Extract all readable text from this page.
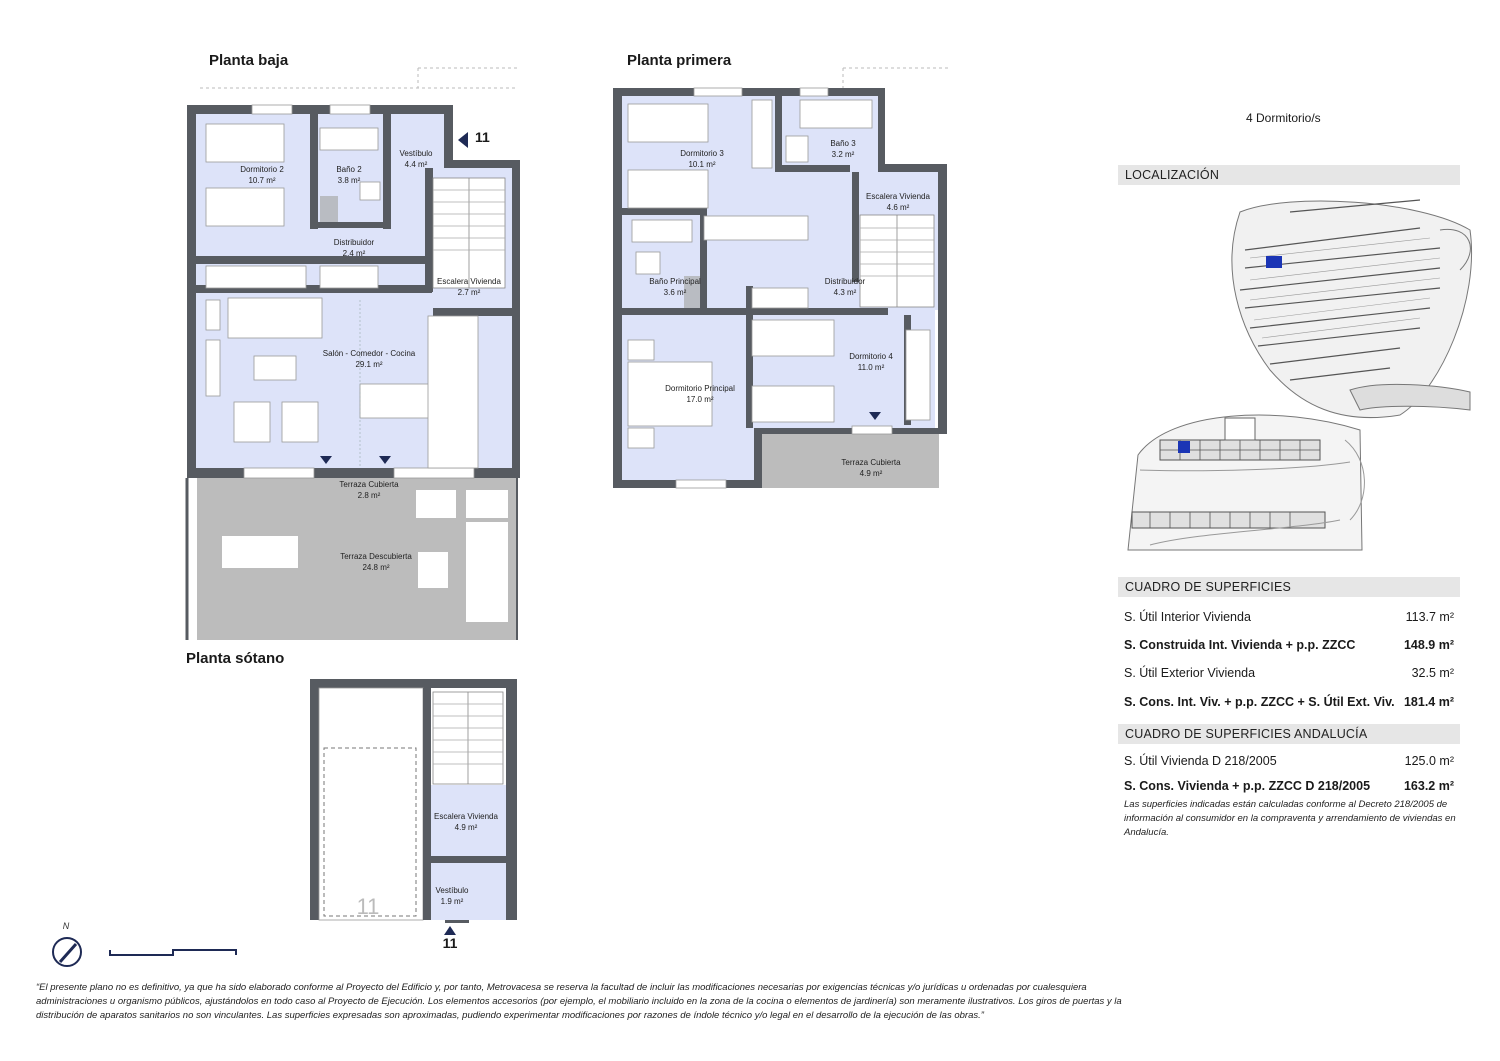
Planta baja	Planta primera
Planta sótano
11
Dormitorio 2
10.7 m²
Baño 2
3.8 m²
Vestíbulo
4.4 m²
Distribuidor
2.4 m²
Escalera Vivienda
2.7 m²
Salón - Comedor - Cocina
29.1 m²
Terraza Cubierta
2.8 m²
Terraza Descubierta
24.8 m²
Dormitorio 3
10.1 m²
Baño 3
3.2 m²
Escalera Vivienda
4.6 m²
Baño Principal
3.6 m²
Distribuidor
4.3 m²
Dormitorio 4
11.0 m²
Dormitorio Principal
17.0 m²
Terraza Cubierta
4.9 m²
11
11
Escalera Vivienda
4.9 m²
Vestíbulo
1.9 m²
N
4 Dormitorio/s
LOCALIZACIÓN
CUADRO DE SUPERFICIES
S. Útil Interior Vivienda	113.7 m²
S. Construida Int. Vivienda + p.p. ZZCC	148.9 m²
S. Útil Exterior Vivienda	32.5 m²
S. Cons. Int. Viv. + p.p. ZZCC + S. Útil Ext. Viv. 181.4 m²
CUADRO DE SUPERFICIES ANDALUCÍA
S. Útil Vivienda D 218/2005	125.0 m²
S. Cons. Vivienda + p.p. ZZCC D 218/2005	163.2 m²
Las superficies indicadas están calculadas conforme al Decreto 218/2005 de información al consumidor en la compraventa y arrendamiento de viviendas en Andalucía.
“El presente plano no es definitivo, ya que ha sido elaborado conforme al Proyecto del Edificio y, por tanto, Metrovacesa se reserva la facultad de incluir las modificaciones necesarias por exigencias técnicas y/o jurídicas u ordenadas por cualesquiera administraciones u organismo públicos, ajustándolos en todo caso al Proyecto de Ejecución. Los elementos accesorios (por ejemplo, el mobiliario incluido en la zona de la cocina o elementos de jardinería) son meramente ilustrativos. Los giros de puertas y la distribución de aparatos sanitarios no son vinculantes. Las superficies expresadas son aproximadas, pudiendo experimentar modificaciones por razones de índole técnico y/o legal en el desarrollo de la ejecución de las obras.”
